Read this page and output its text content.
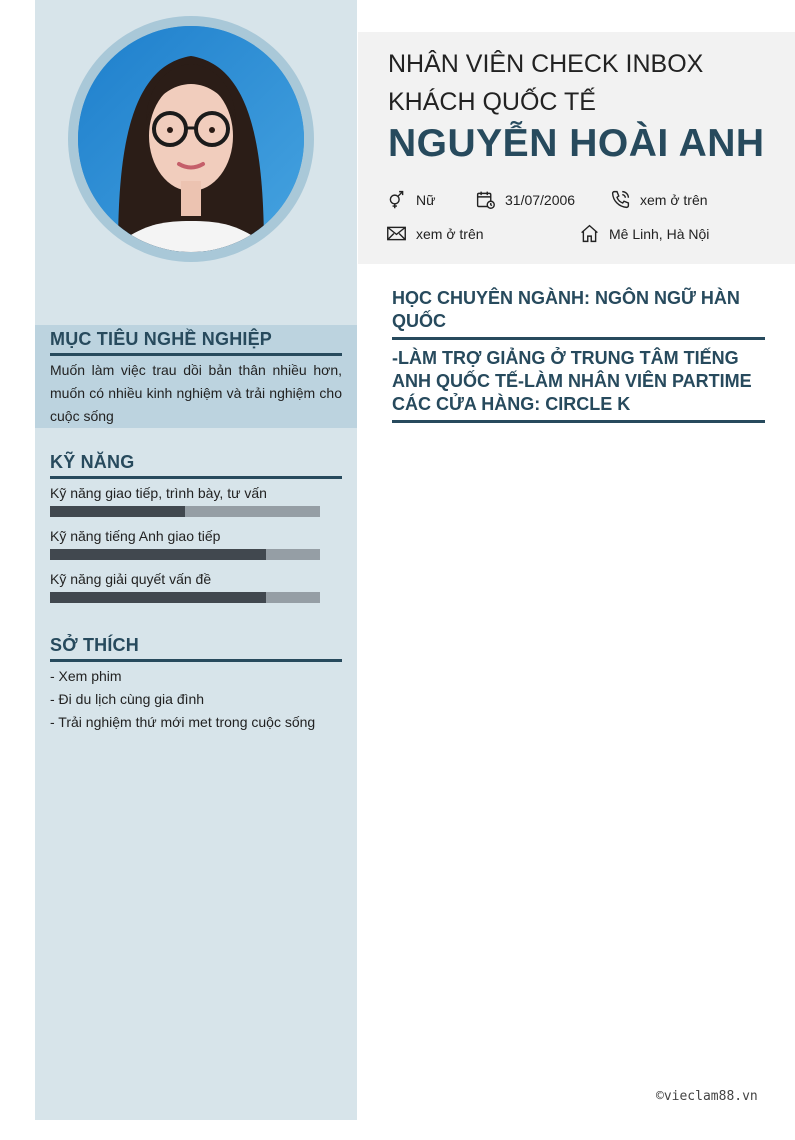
MỤC TIÊU NGHỀ NGHIỆP
Muốn làm việc trau dồi bản thân nhiều hơn, muốn có nhiều kinh nghiệm và trải nghiệm cho cuộc sống
KỸ NĂNG
Kỹ năng giao tiếp, trình bày, tư vấn
Kỹ năng tiếng Anh giao tiếp
Kỹ năng giải quyết vấn đề
SỞ THÍCH
- Xem phim
- Đi du lịch cùng gia đình
- Trải nghiệm thứ mới met trong cuộc sống
NHÂN VIÊN CHECK INBOX KHÁCH QUỐC TẾ
NGUYỄN HOÀI ANH
Nữ	31/07/2006	xem ở trên
xem ở trên	Mê Linh, Hà Nội
HỌC CHUYÊN NGÀNH: NGÔN NGỮ HÀN QUỐC
-LÀM TRỢ GIẢNG Ở TRUNG TÂM TIẾNG ANH QUỐC TẾ-LÀM NHÂN VIÊN PARTIME CÁC CỬA HÀNG: CIRCLE K
©vieclam88.vn
